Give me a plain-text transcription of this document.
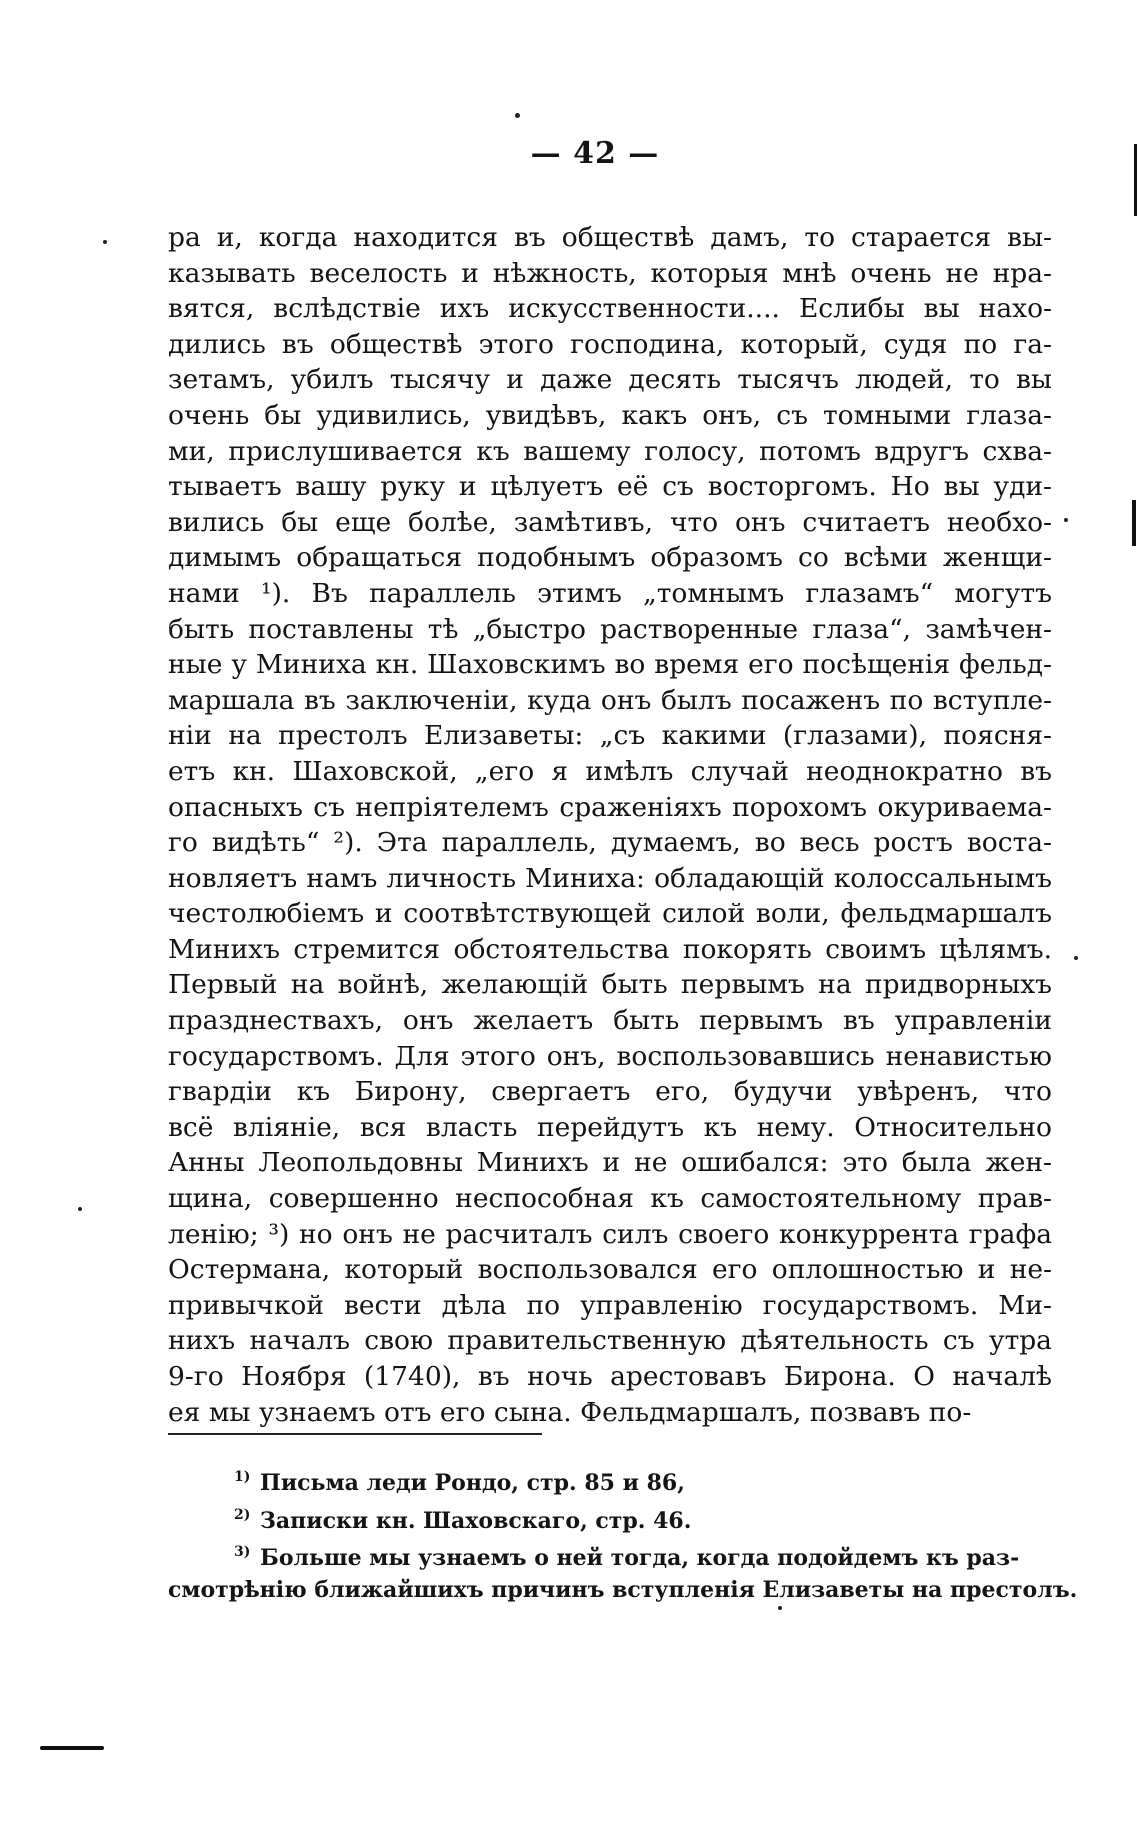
— 42 —
ра и, когда находится въ обществѣ дамъ, то старается вы-
казывать веселость и нѣжность, которыя мнѣ очень не нра-
вятся, вслѣдствіе ихъ искусственности.... Еслибы вы нахо-
дились въ обществѣ этого господина, который, судя по га-
зетамъ, убилъ тысячу и даже десять тысячъ людей, то вы
очень бы удивились, увидѣвъ, какъ онъ, съ томными глаза-
ми, прислушивается къ вашему голосу, потомъ вдругъ схва-
тываетъ вашу руку и цѣлуетъ её съ восторгомъ. Но вы уди-
вились бы еще болѣе, замѣтивъ, что онъ считаетъ необхо-
димымъ обращаться подобнымъ образомъ со всѣми женщи-
нами ¹). Въ параллель этимъ „томнымъ глазамъ“ могутъ
быть поставлены тѣ „быстро растворенные глаза“, замѣчен-
ные у Миниха кн. Шаховскимъ во время его посѣщенія фельд-
маршала въ заключеніи, куда онъ былъ посаженъ по вступле-
ніи на престолъ Елизаветы: „съ какими (глазами), поясня-
етъ кн. Шаховской, „его я имѣлъ случай неоднократно въ
опасныхъ съ непріятелемъ сраженіяхъ порохомъ окуриваема-
го видѣть“ ²). Эта параллель, думаемъ, во весь ростъ воста-
новляетъ намъ личность Миниха: обладающій колоссальнымъ
честолюбіемъ и соотвѣтствующей силой воли, фельдмаршалъ
Минихъ стремится обстоятельства покорять своимъ цѣлямъ.
Первый на войнѣ, желающій быть первымъ на придворныхъ
празднествахъ, онъ желаетъ быть первымъ въ управленіи
государствомъ. Для этого онъ, воспользовавшись ненавистью
гвардіи къ Бирону, свергаетъ его, будучи увѣренъ, что
всё вліяніе, вся власть перейдутъ къ нему. Относительно
Анны Леопольдовны Минихъ и не ошибался: это была жен-
щина, совершенно неспособная къ самостоятельному прав-
ленію; ³) но онъ не расчиталъ силъ своего конкуррента графа
Остермана, который воспользовался его оплошностью и не-
привычкой вести дѣла по управленію государствомъ. Ми-
нихъ началъ свою правительственную дѣятельность съ утра
9-го Ноября (1740), въ ночь арестовавъ Бирона. О началѣ
ея мы узнаемъ отъ его сына. Фельдмаршалъ, позвавъ по-
$^{1)}$ Письма леди Рондо, стр. 85 и 86,
$^{2)}$ Записки кн. Шаховскаго, стр. 46.
$^{3)}$ Больше мы узнаемъ о ней тогда, когда подойдемъ къ раз-
смотрѣнію ближайшихъ причинъ вступленія Елизаветы на престолъ.
